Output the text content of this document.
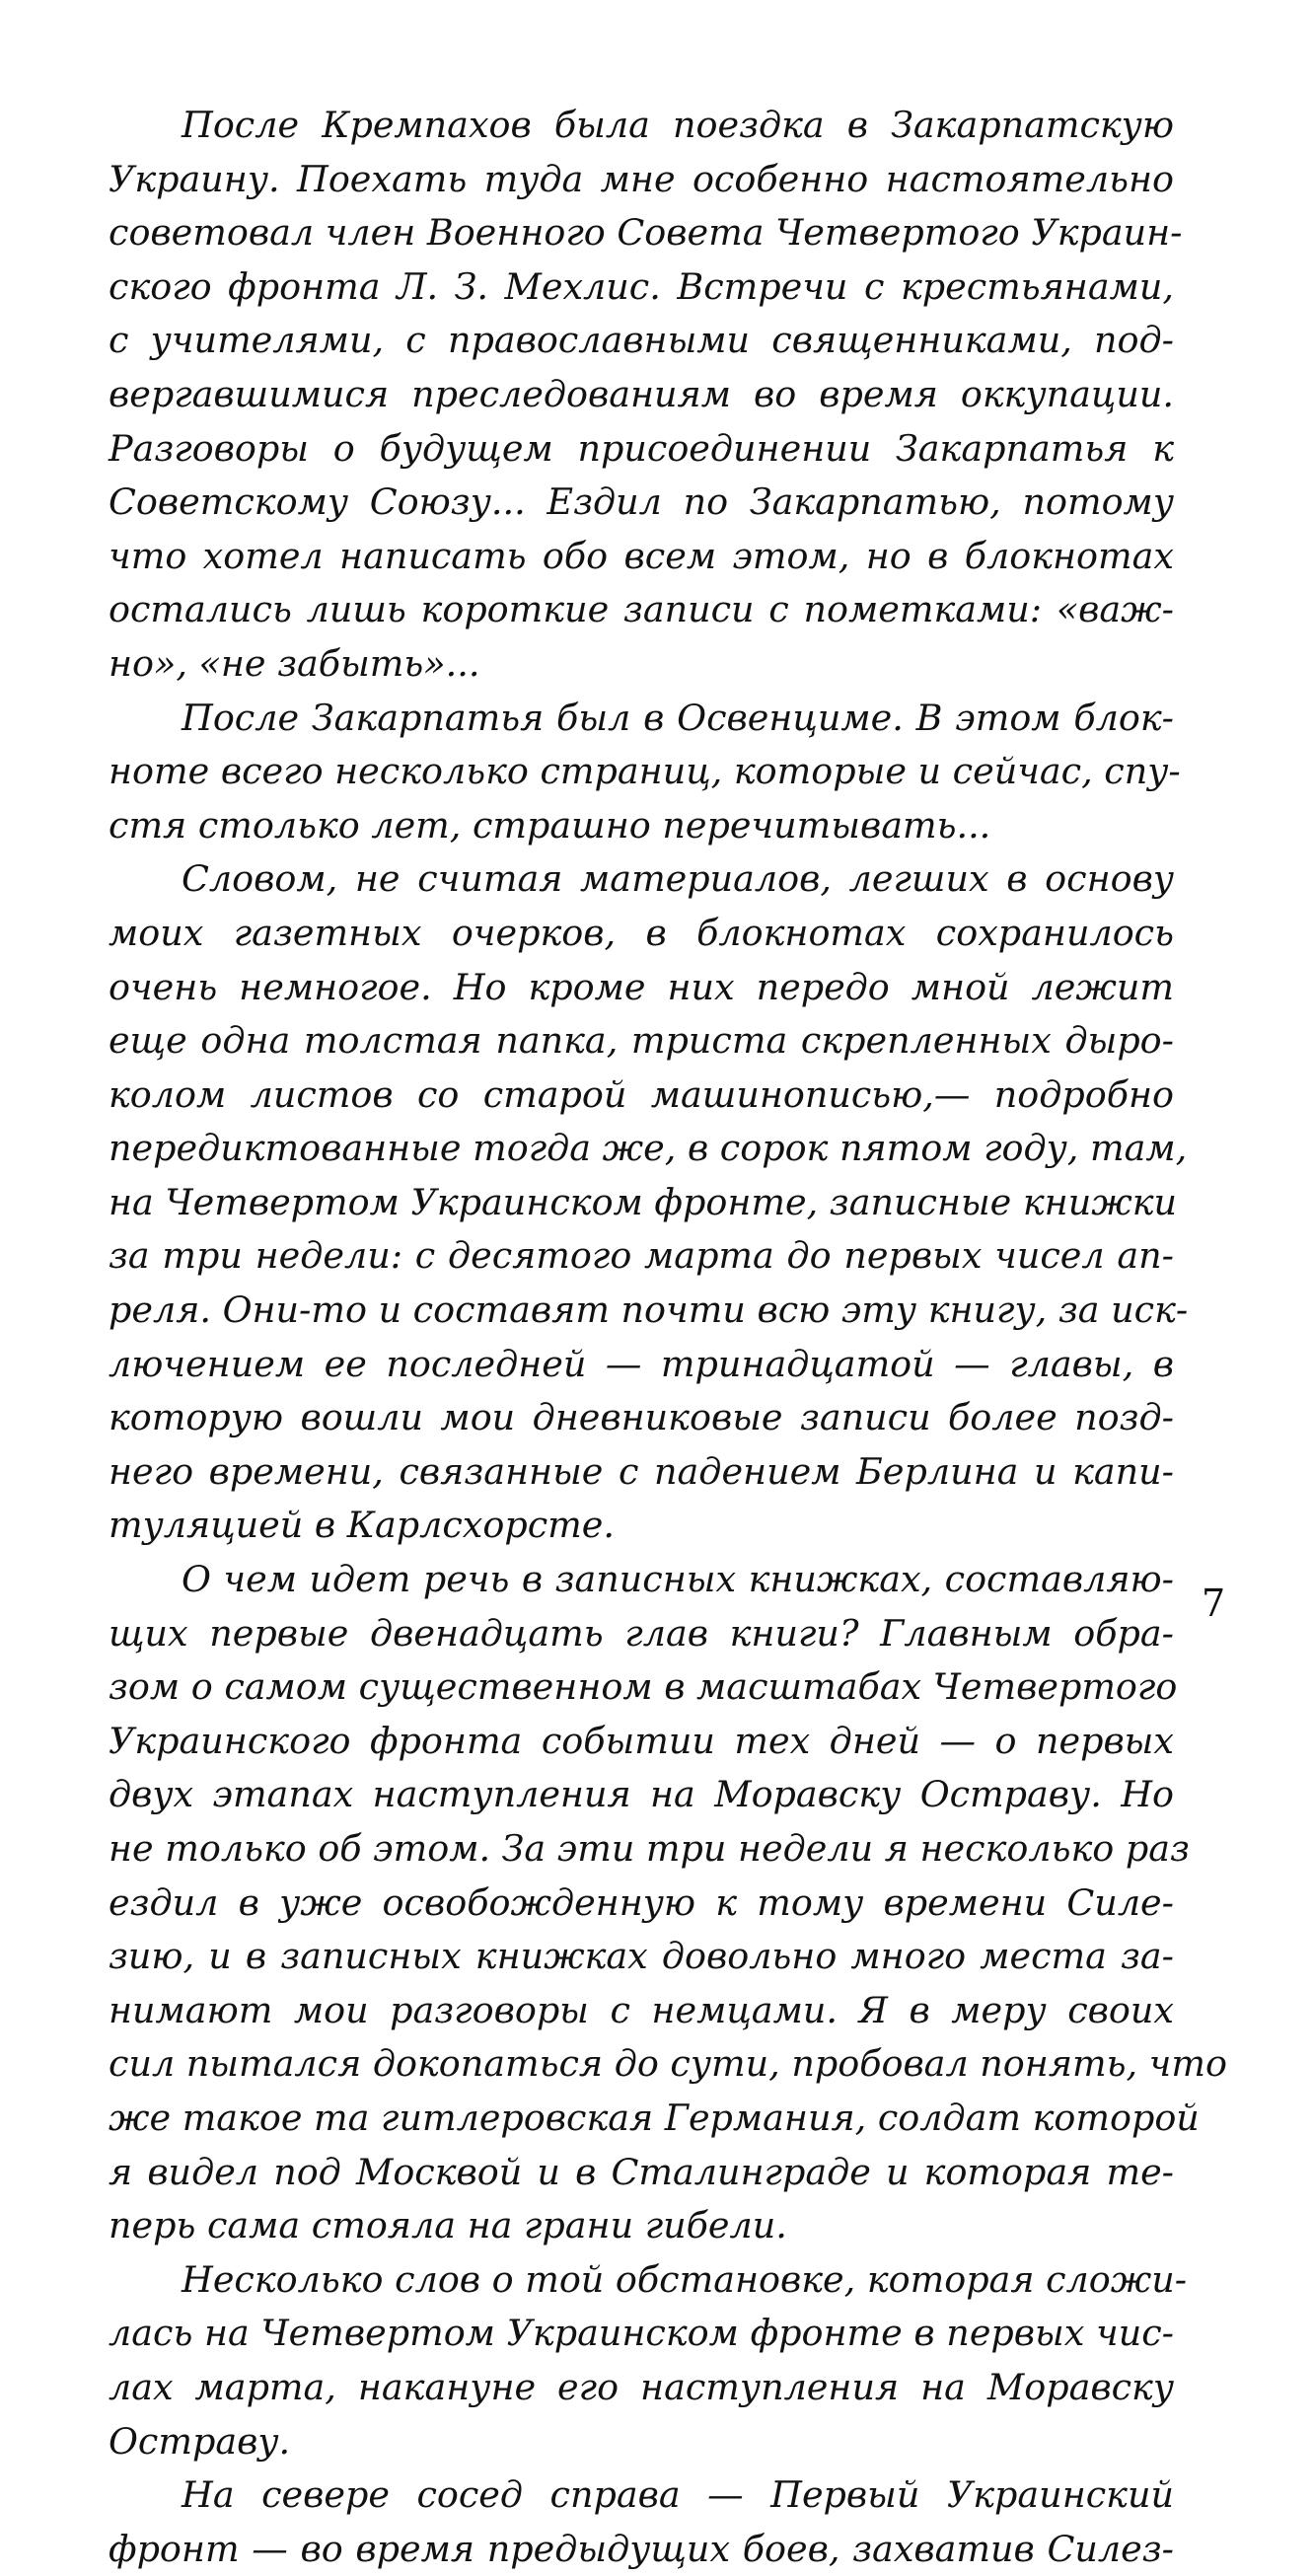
После Кремпахов была поездка в Закарпатскую
Украину. Поехать туда мне особенно настоятельно
советовал член Военного Совета Четвертого Украин-
ского фронта Л. З. Мехлис. Встречи с крестьянами,
с учителями, с православными священниками, под-
вергавшимися преследованиям во время оккупации.
Разговоры о будущем присоединении Закарпатья к
Советскому Союзу... Ездил по Закарпатью, потому
что хотел написать обо всем этом, но в блокнотах
остались лишь короткие записи с пометками: «важ-
но», «не забыть»...
После Закарпатья был в Освенциме. В этом блок-
ноте всего несколько страниц, которые и сейчас, спу-
стя столько лет, страшно перечитывать...
Словом, не считая материалов, легших в основу
моих газетных очерков, в блокнотах сохранилось
очень немногое. Но кроме них передо мной лежит
еще одна толстая папка, триста скрепленных дыро-
колом листов со старой машинописью,— подробно
передиктованные тогда же, в сорок пятом году, там,
на Четвертом Украинском фронте, записные книжки
за три недели: с десятого марта до первых чисел ап-
реля. Они-то и составят почти всю эту книгу, за иск-
лючением ее последней — тринадцатой — главы, в
которую вошли мои дневниковые записи более позд-
него времени, связанные с падением Берлина и капи-
туляцией в Карлсхорсте.
О чем идет речь в записных книжках, составляю-
щих первые двенадцать глав книги? Главным обра-
зом о самом существенном в масштабах Четвертого
Украинского фронта событии тех дней — о первых
двух этапах наступления на Моравску Остраву. Но
не только об этом. За эти три недели я несколько раз
ездил в уже освобожденную к тому времени Силе-
зию, и в записных книжках довольно много места за-
нимают мои разговоры с немцами. Я в меру своих
сил пытался докопаться до сути, пробовал понять, что
же такое та гитлеровская Германия, солдат которой
я видел под Москвой и в Сталинграде и которая те-
перь сама стояла на грани гибели.
Несколько слов о той обстановке, которая сложи-
лась на Четвертом Украинском фронте в первых чис-
лах марта, накануне его наступления на Моравску
Остраву.
На севере сосед справа — Первый Украинский
фронт — во время предыдущих боев, захватив Силез-
7
